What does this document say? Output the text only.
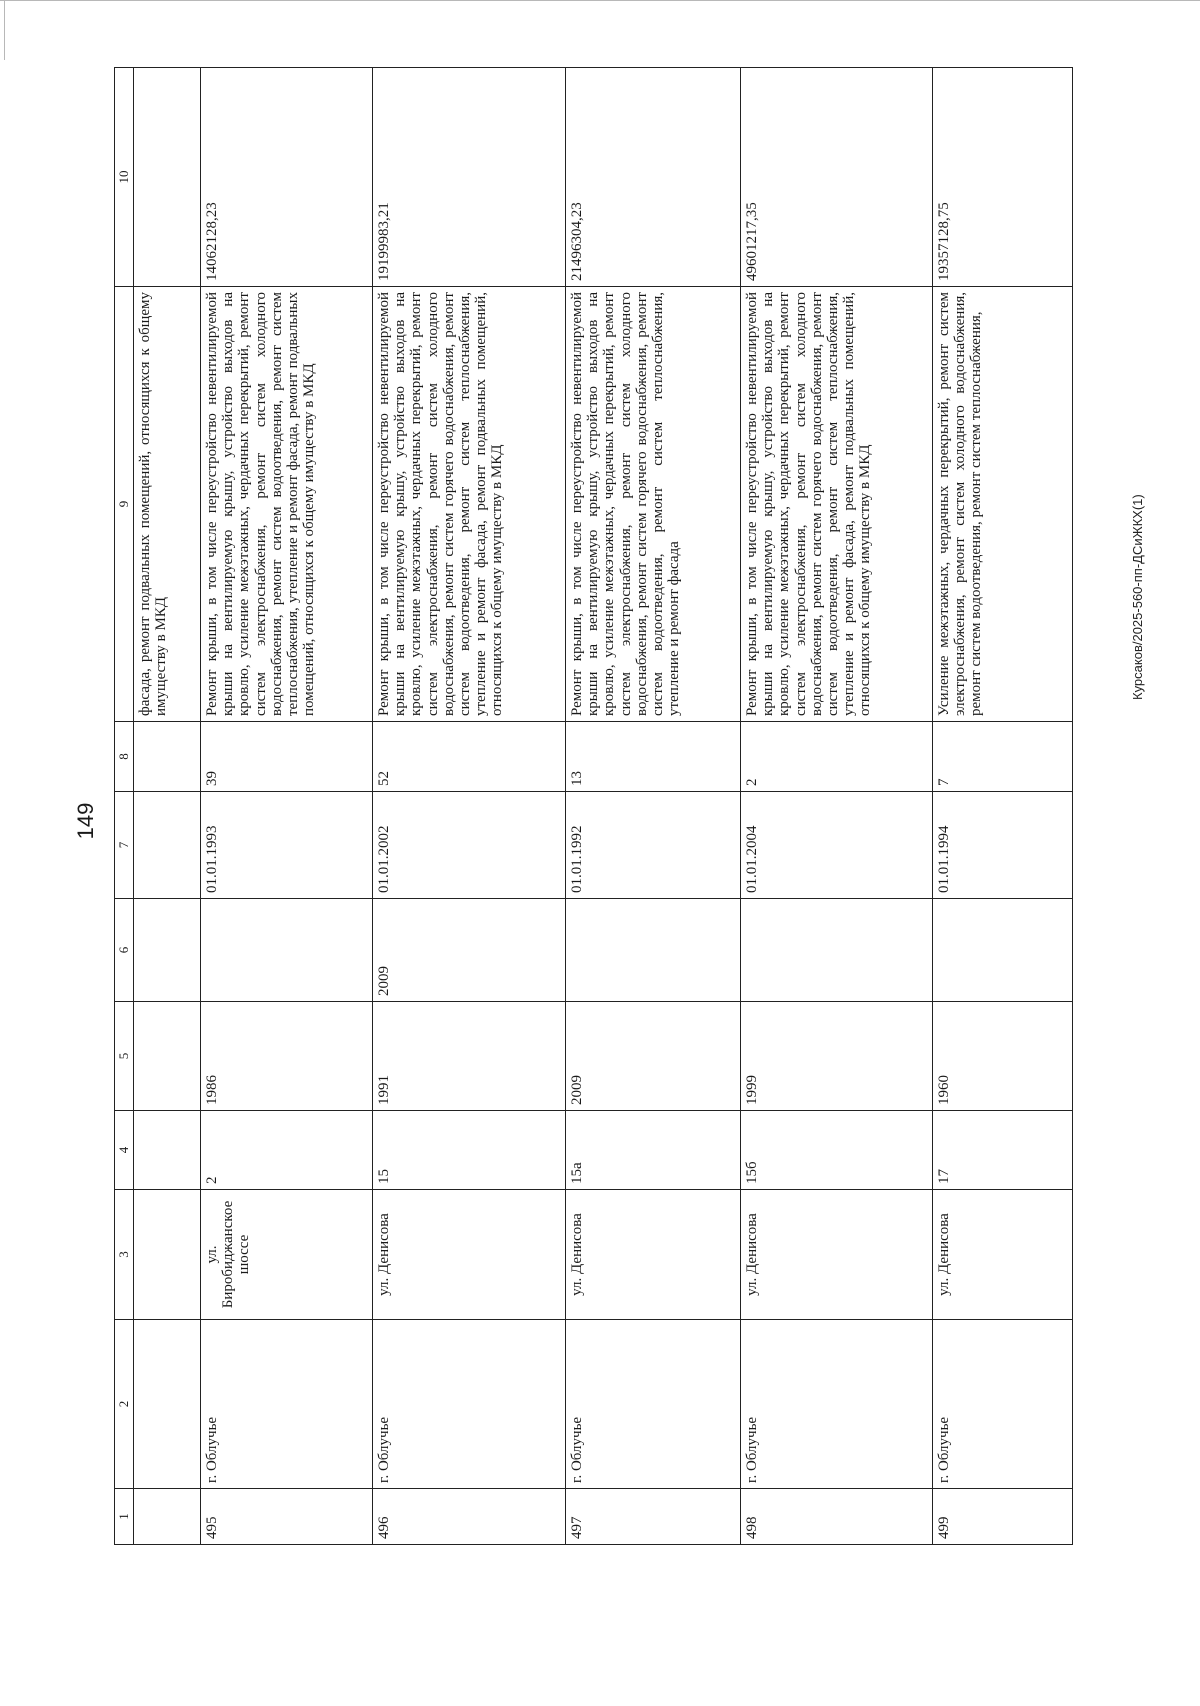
149
Курсаков/2025-560-пп-ДСиЖКХ(1)
1	2	3	4	5	6	7	8	9	10
								фасада, ремонт подвальных помещений, относящихся к общему имуществу в МКД	
495	г. Облучье	ул. Биробиджанское шоссе	2	1986		01.01.1993	39	Ремонт крыши, в том числе переустройство невентилируемой крыши на вентилируемую крышу, устройство выходов на кровлю, усиление межэтажных, чердачных перекрытий, ремонт систем электроснабжения, ремонт систем холодного водоснабжения, ремонт систем водоотведения, ремонт систем теплоснабжения, утепление и ремонт фасада, ремонт подвальных помещений, относящихся к общему имуществу в МКД	14062128,23
496	г. Облучье	ул. Денисова	15	1991	2009	01.01.2002	52	Ремонт крыши, в том числе переустройство невентилируемой крыши на вентилируемую крышу, устройство выходов на кровлю, усиление межэтажных, чердачных перекрытий, ремонт систем электроснабжения, ремонт систем холодного водоснабжения, ремонт систем горячего водоснабжения, ремонт систем водоотведения, ремонт систем теплоснабжения, утепление и ремонт фасада, ремонт подвальных помещений, относящихся к общему имуществу в МКД	19199983,21
497	г. Облучье	ул. Денисова	15а	2009		01.01.1992	13	Ремонт крыши, в том числе переустройство невентилируемой крыши на вентилируемую крышу, устройство выходов на кровлю, усиление межэтажных, чердачных перекрытий, ремонт систем электроснабжения, ремонт систем холодного водоснабжения, ремонт систем горячего водоснабжения, ремонт систем водоотведения, ремонт систем теплоснабжения, утепление и ремонт фасада	21496304,23
498	г. Облучье	ул. Денисова	15б	1999		01.01.2004	2	Ремонт крыши, в том числе переустройство невентилируемой крыши на вентилируемую крышу, устройство выходов на кровлю, усиление межэтажных, чердачных перекрытий, ремонт систем электроснабжения, ремонт систем холодного водоснабжения, ремонт систем горячего водоснабжения, ремонт систем водоотведения, ремонт систем теплоснабжения, утепление и ремонт фасада, ремонт подвальных помещений, относящихся к общему имуществу в МКД	49601217,35
499	г. Облучье	ул. Денисова	17	1960		01.01.1994	7	Усиление межэтажных, чердачных перекрытий, ремонт систем электроснабжения, ремонт систем холодного водоснабжения, ремонт систем водоотведения, ремонт систем теплоснабжения,	19357128,75
